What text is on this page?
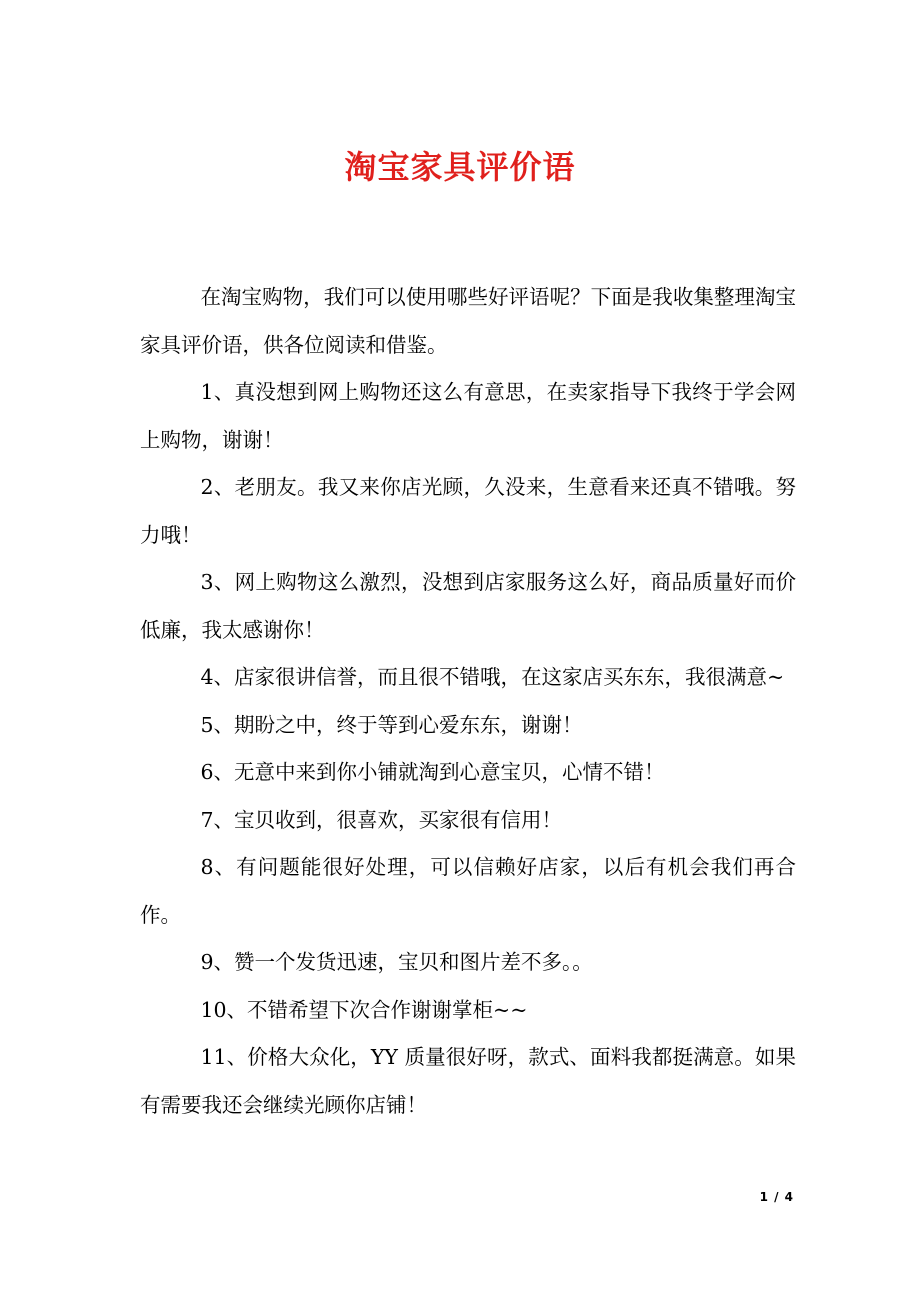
淘宝家具评价语

在淘宝购物，我们可以使用哪些好评语呢？下面是我收集整理淘宝家具评价语，供各位阅读和借鉴。

1、真没想到网上购物还这么有意思，在卖家指导下我终于学会网上购物，谢谢！

2、老朋友。我又来你店光顾，久没来，生意看来还真不错哦。努力哦！

3、网上购物这么激烈，没想到店家服务这么好，商品质量好而价低廉，我太感谢你！

4、店家很讲信誉，而且很不错哦，在这家店买东东，我很满意~

5、期盼之中，终于等到心爱东东，谢谢！

6、无意中来到你小铺就淘到心意宝贝，心情不错！

7、宝贝收到，很喜欢，买家很有信用！

8、有问题能很好处理，可以信赖好店家，以后有机会我们再合作。

9、赞一个发货迅速，宝贝和图片差不多。。

10、不错希望下次合作谢谢掌柜~~

11、价格大众化，YY 质量很好呀，款式、面料我都挺满意。如果有需要我还会继续光顾你店铺！

1 / 4
